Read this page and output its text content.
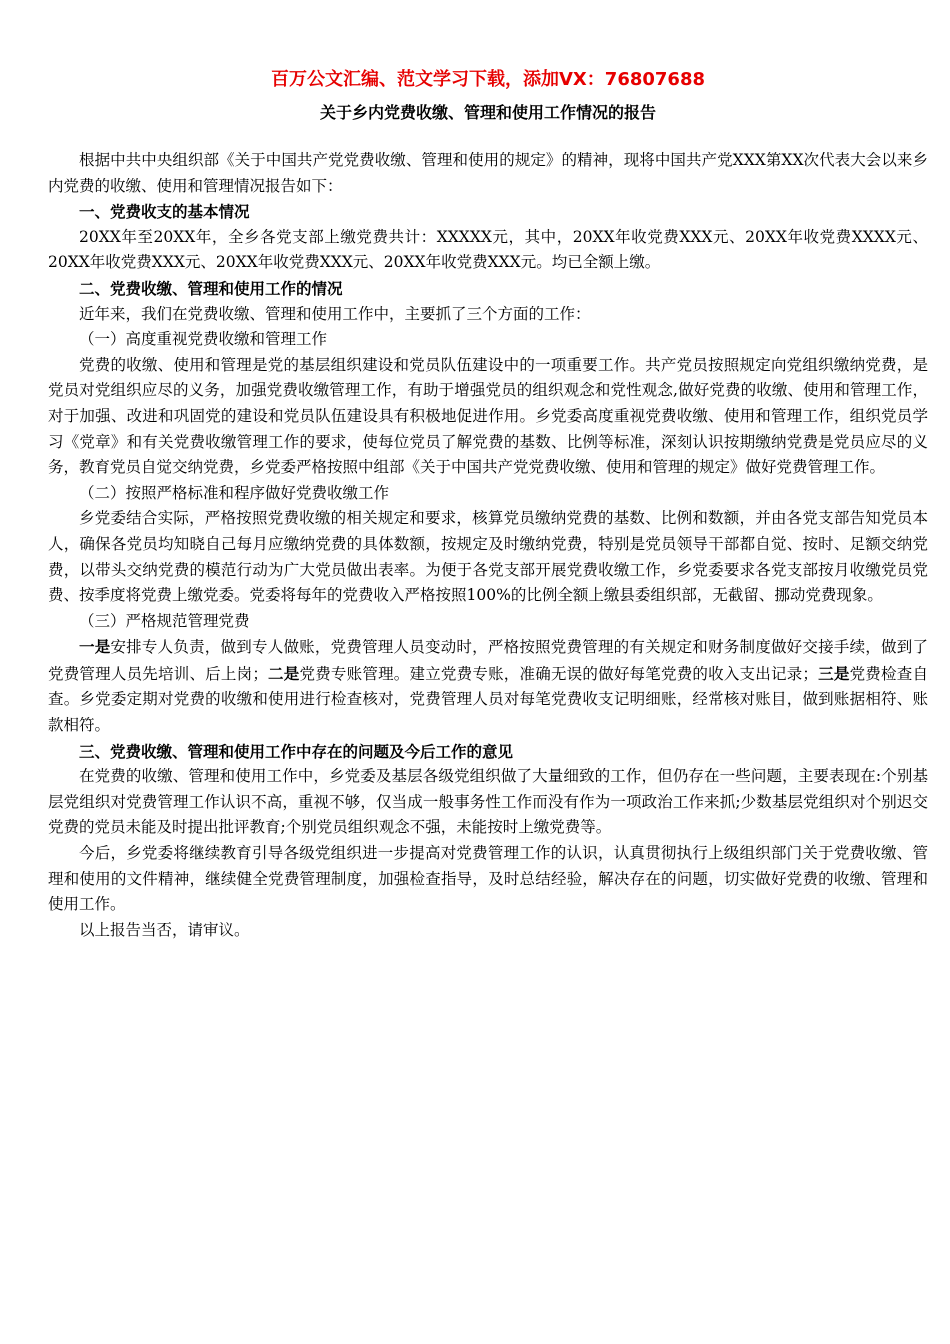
百万公文汇编、范文学习下载，添加VX：76807688
关于乡内党费收缴、管理和使用工作情况的报告

根据中共中央组织部《关于中国共产党党费收缴、管理和使用的规定》的精神，现将中国共产党XXX第XX次代表大会以来乡内党费的收缴、使用和管理情况报告如下：

一、党费收支的基本情况

20XX年至20XX年，全乡各党支部上缴党费共计：XXXXX元，其中，20XX年收党费XXX元、20XX年收党费XXXX元、20XX年收党费XXX元、20XX年收党费XXX元、20XX年收党费XXX元。均已全额上缴。

二、党费收缴、管理和使用工作的情况

近年来，我们在党费收缴、管理和使用工作中，主要抓了三个方面的工作：

（一）高度重视党费收缴和管理工作

党费的收缴、使用和管理是党的基层组织建设和党员队伍建设中的一项重要工作。共产党员按照规定向党组织缴纳党费，是党员对党组织应尽的义务，加强党费收缴管理工作，有助于增强党员的组织观念和党性观念,做好党费的收缴、使用和管理工作，对于加强、改进和巩固党的建设和党员队伍建设具有积极地促进作用。乡党委高度重视党费收缴、使用和管理工作，组织党员学习《党章》和有关党费收缴管理工作的要求，使每位党员了解党费的基数、比例等标准，深刻认识按期缴纳党费是党员应尽的义务，教育党员自觉交纳党费，乡党委严格按照中组部《关于中国共产党党费收缴、使用和管理的规定》做好党费管理工作。

（二）按照严格标准和程序做好党费收缴工作

乡党委结合实际，严格按照党费收缴的相关规定和要求，核算党员缴纳党费的基数、比例和数额，并由各党支部告知党员本人，确保各党员均知晓自己每月应缴纳党费的具体数额，按规定及时缴纳党费，特别是党员领导干部都自觉、按时、足额交纳党费，以带头交纳党费的模范行动为广大党员做出表率。为便于各党支部开展党费收缴工作，乡党委要求各党支部按月收缴党员党费、按季度将党费上缴党委。党委将每年的党费收入严格按照100%的比例全额上缴县委组织部，无截留、挪动党费现象。

（三）严格规范管理党费

一是安排专人负责，做到专人做账，党费管理人员变动时，严格按照党费管理的有关规定和财务制度做好交接手续，做到了党费管理人员先培训、后上岗；二是党费专账管理。建立党费专账，准确无误的做好每笔党费的收入支出记录；三是党费检查自查。乡党委定期对党费的收缴和使用进行检查核对，党费管理人员对每笔党费收支记明细账，经常核对账目，做到账据相符、账款相符。

三、党费收缴、管理和使用工作中存在的问题及今后工作的意见

在党费的收缴、管理和使用工作中，乡党委及基层各级党组织做了大量细致的工作，但仍存在一些问题，主要表现在:个别基层党组织对党费管理工作认识不高，重视不够，仅当成一般事务性工作而没有作为一项政治工作来抓;少数基层党组织对个别迟交党费的党员未能及时提出批评教育;个别党员组织观念不强，未能按时上缴党费等。

今后，乡党委将继续教育引导各级党组织进一步提高对党费管理工作的认识，认真贯彻执行上级组织部门关于党费收缴、管理和使用的文件精神，继续健全党费管理制度，加强检查指导，及时总结经验，解决存在的问题，切实做好党费的收缴、管理和使用工作。

以上报告当否，请审议。
